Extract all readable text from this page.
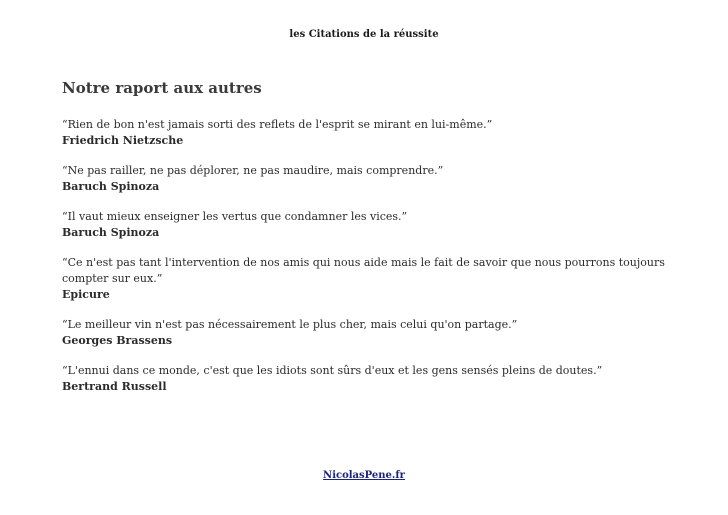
les Citations de la réussite
Notre raport aux autres
“Rien de bon n'est jamais sorti des reflets de l'esprit se mirant en lui-même.”
Friedrich Nietzsche
“Ne pas railler, ne pas déplorer, ne pas maudire, mais comprendre.”
Baruch Spinoza
“Il vaut mieux enseigner les vertus que condamner les vices.”
Baruch Spinoza
“Ce n'est pas tant l'intervention de nos amis qui nous aide mais le fait de savoir que nous pourrons toujours compter sur eux.”
Epicure
“Le meilleur vin n'est pas nécessairement le plus cher, mais celui qu'on partage.”
Georges Brassens
“L'ennui dans ce monde, c'est que les idiots sont sûrs d'eux et les gens sensés pleins de doutes.”
Bertrand Russell
NicolasPene.fr
